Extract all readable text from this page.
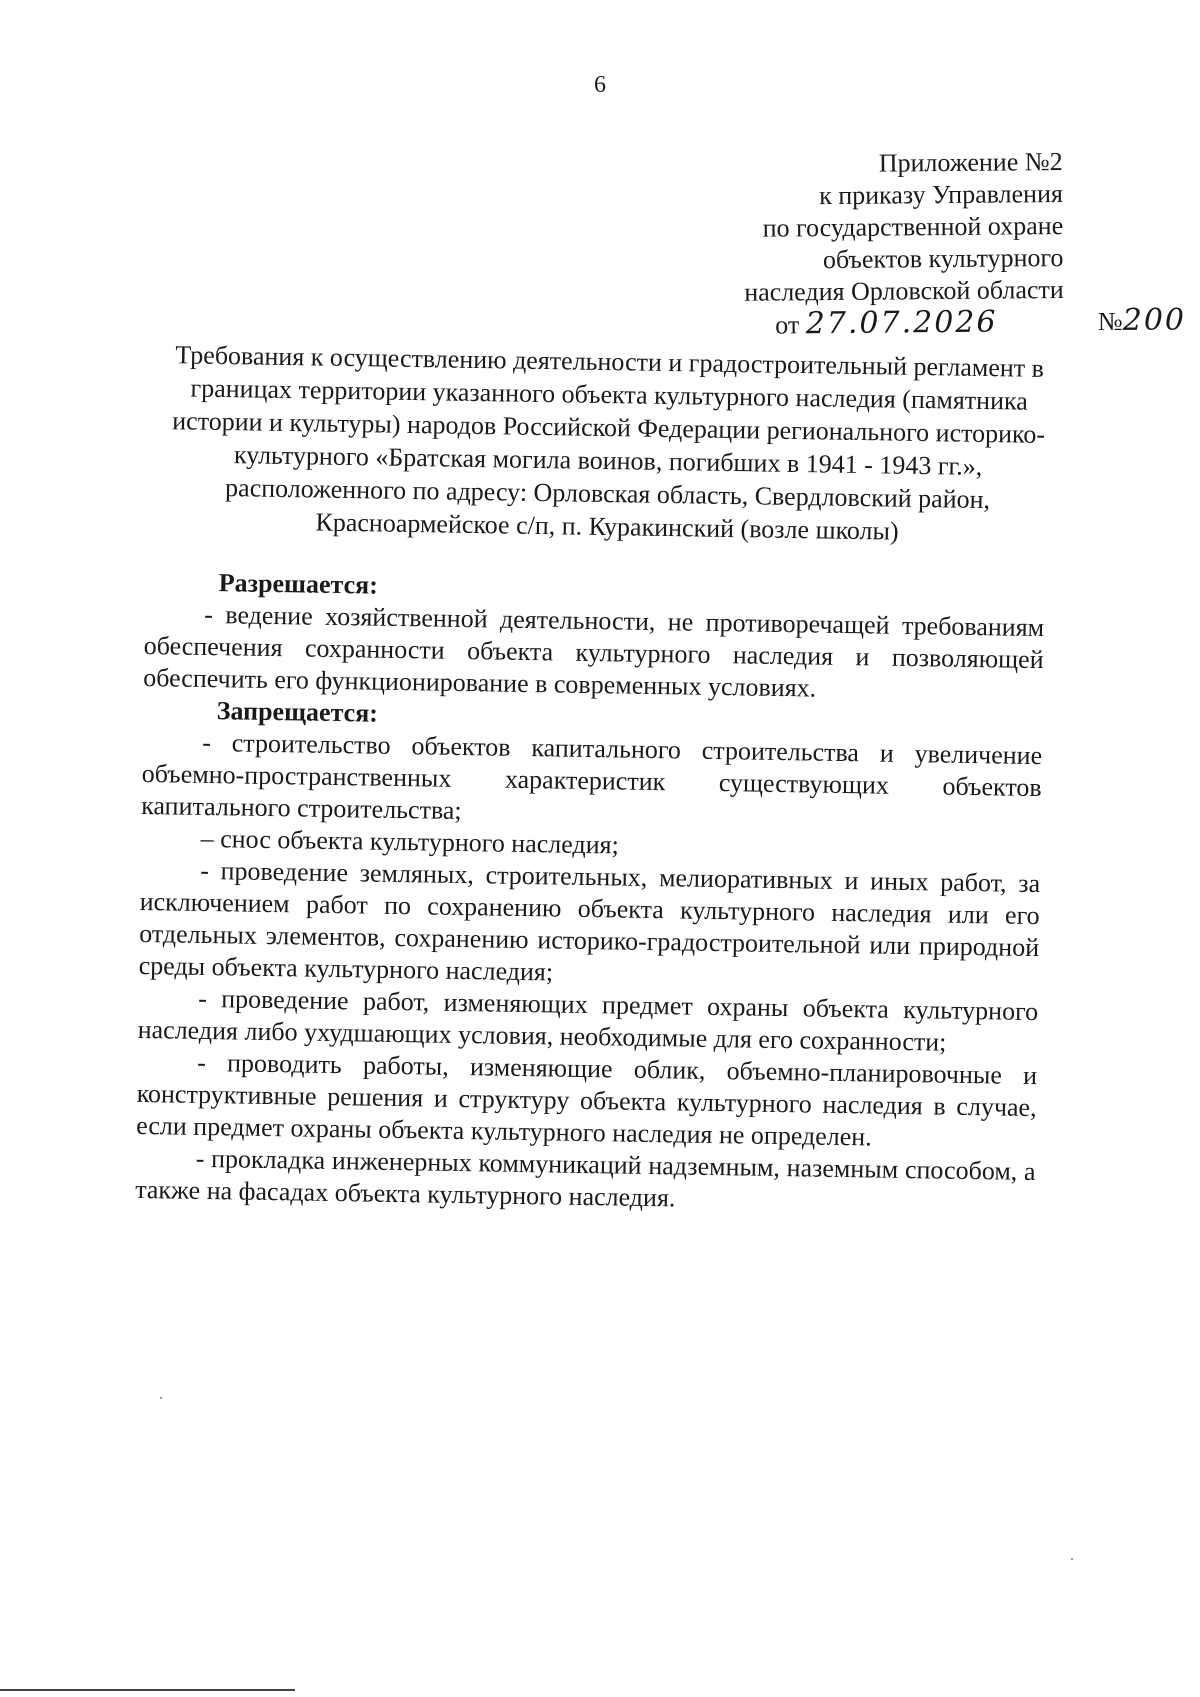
6
Приложение №2
к приказу Управления
по государственной охране
объектов культурного
наследия Орловской области
от 27.07.2026	№200
Требования к осуществлению деятельности и градостроительный регламент в
границах территории указанного объекта культурного наследия (памятника
истории и культуры) народов Российской Федерации регионального историко-
культурного «Братская могила воинов, погибших в 1941 - 1943 гг.»,
расположенного по адресу: Орловская область, Свердловский район,
Красноармейское с/п, п. Куракинский (возле школы)
Разрешается:
- ведение хозяйственной деятельности, не противоречащей требованиям обеспечения сохранности объекта культурного наследия и позволяющей обеспечить его функционирование в современных условиях.
Запрещается:
- строительство объектов капитального строительства и увеличение объемно-пространственных характеристик существующих объектов капитального строительства;
– снос объекта культурного наследия;
- проведение земляных, строительных, мелиоративных и иных работ, за исключением работ по сохранению объекта культурного наследия или его отдельных элементов, сохранению историко-градостроительной или природной среды объекта культурного наследия;
- проведение работ, изменяющих предмет охраны объекта культурного наследия либо ухудшающих условия, необходимые для его сохранности;
- проводить работы, изменяющие облик, объемно-планировочные и конструктивные решения и структуру объекта культурного наследия в случае, если предмет охраны объекта культурного наследия не определен.
- прокладка инженерных коммуникаций надземным, наземным способом, а также на фасадах объекта культурного наследия.
